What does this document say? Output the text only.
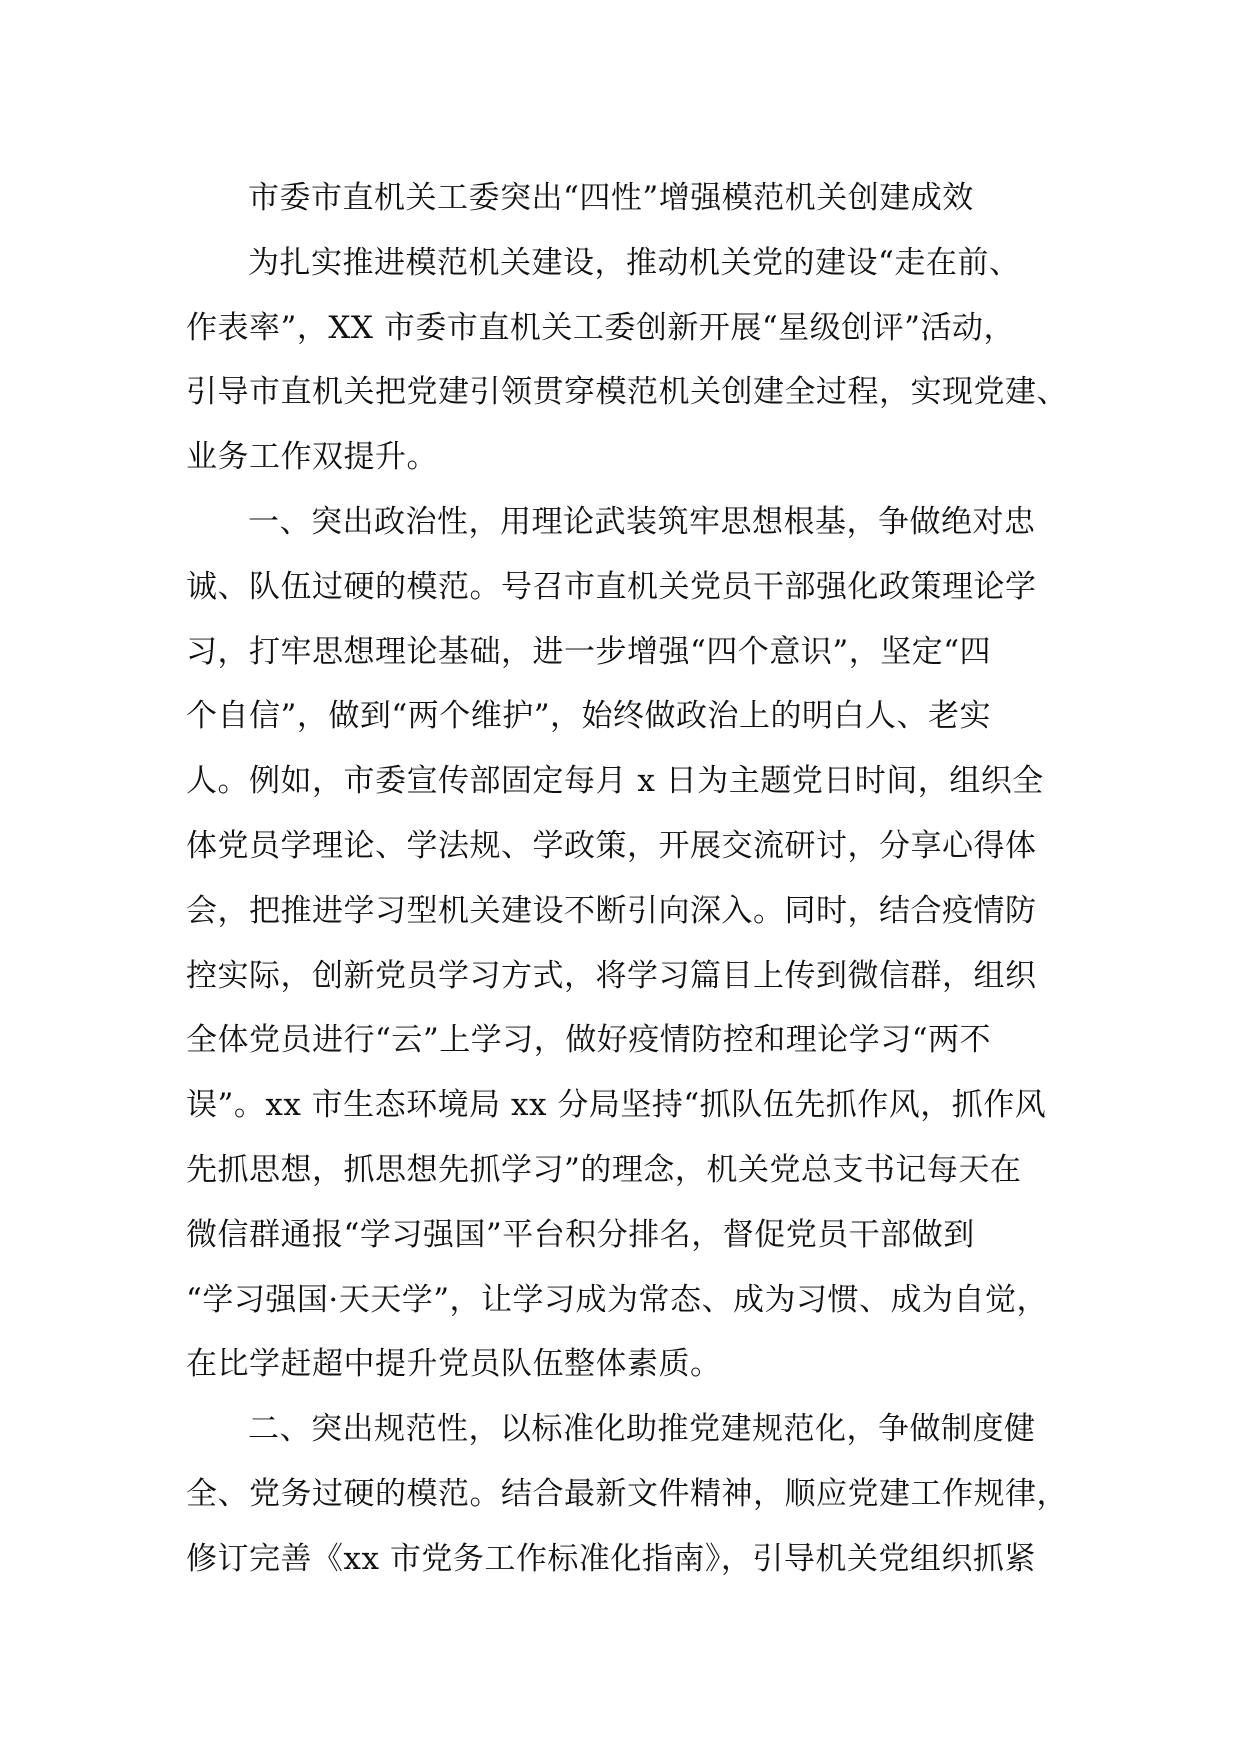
市委市直机关工委突出“四性”增强模范机关创建成效

为扎实推进模范机关建设，推动机关党的建设“走在前、
作表率”，XX 市委市直机关工委创新开展“星级创评”活动，
引导市直机关把党建引领贯穿模范机关创建全过程，实现党建、
业务工作双提升。

一、突出政治性，用理论武装筑牢思想根基，争做绝对忠
诚、队伍过硬的模范。号召市直机关党员干部强化政策理论学
习，打牢思想理论基础，进一步增强“四个意识”，坚定“四
个自信”，做到“两个维护”，始终做政治上的明白人、老实
人。例如，市委宣传部固定每月 x 日为主题党日时间，组织全
体党员学理论、学法规、学政策，开展交流研讨，分享心得体
会，把推进学习型机关建设不断引向深入。同时，结合疫情防
控实际，创新党员学习方式，将学习篇目上传到微信群，组织
全体党员进行“云”上学习，做好疫情防控和理论学习“两不
误”。xx 市生态环境局 xx 分局坚持“抓队伍先抓作风，抓作风
先抓思想，抓思想先抓学习”的理念，机关党总支书记每天在
微信群通报“学习强国”平台积分排名，督促党员干部做到
“学习强国·天天学”，让学习成为常态、成为习惯、成为自觉，
在比学赶超中提升党员队伍整体素质。

二、突出规范性，以标准化助推党建规范化，争做制度健
全、党务过硬的模范。结合最新文件精神，顺应党建工作规律，
修订完善《xx 市党务工作标准化指南》，引导机关党组织抓紧
